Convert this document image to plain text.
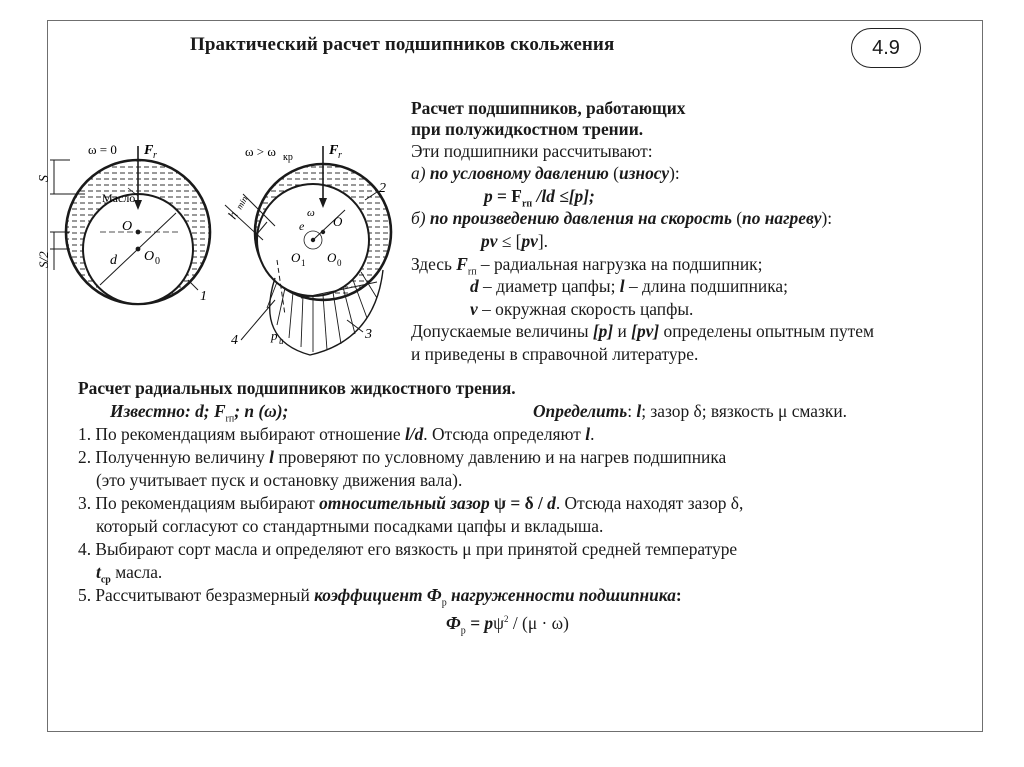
Практический расчет подшипников скольжения	4.9
ω = 0 F r
Масло
S
S/2
O
O 0
d
1
ω > ω кр	F r
h
min
ω
e O
O 1 O 0
p и
2
3
4
Расчет подшипников, работающих
при полужидкостном трении.
Эти подшипники рассчитывают:
а) по условному давлению (износу):
$p = F_{rп}$ /ld ≤[p];
б) по произведению давления на скорость (по нагреву):
pv ≤ [pv].
Здесь $F_{rп}$ – радиальная нагрузка на подшипник;
d – диаметр цапфы; l – длина подшипника;
v – окружная скорость цапфы.
Допускаемые величины [p] и [pv] определены опытным путем
и приведены в справочной литературе.
Расчет радиальных подшипников жидкостного трения.
Известно: d; $F_{rп}$; n (ω);	Определить: l; зазор δ; вязкость μ смазки.
1. По рекомендациям выбирают отношение l/d. Отсюда определяют l.
2. Полученную величину l проверяют по условному давлению и на нагрев подшипника
(это учитывает пуск и остановку движения вала).
3. По рекомендациям выбирают относительный зазор ψ = δ / d. Отсюда находят зазор δ,
который согласуют со стандартными посадками цапфы и вкладыша.
4. Выбирают сорт масла и определяют его вязкость μ при принятой средней температуре
$t_{ср}$ масла.
5. Рассчитывают безразмерный коэффициент $Ф_р$ нагруженности подшипника:
$Ф_р = p\psi^2 / (\mu \cdot \omega)$
